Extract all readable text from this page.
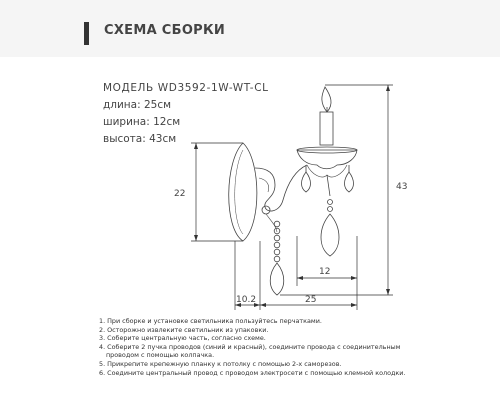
СХЕМА СБОРКИ
МОДЕЛЬ WD3592-1W-WT-CL
длина: 25см
ширина: 12см
высота: 43см
22
43
12
10.2	25
1. При сборке и установке светильника пользуйтесь перчатками.
2. Осторожно извлеките светильник из упаковки.
3. Соберите центральную часть, согласно схеме.
4. Соберите 2 пучка проводов (синий и красный), соедините провода с соединительным
проводом с помощью колпачка.
5. Прикрепите крепежную планку к потолку с помощью 2-х саморезов.
6. Соедините центральный провод с проводом электросети с помощью клемной колодки.
